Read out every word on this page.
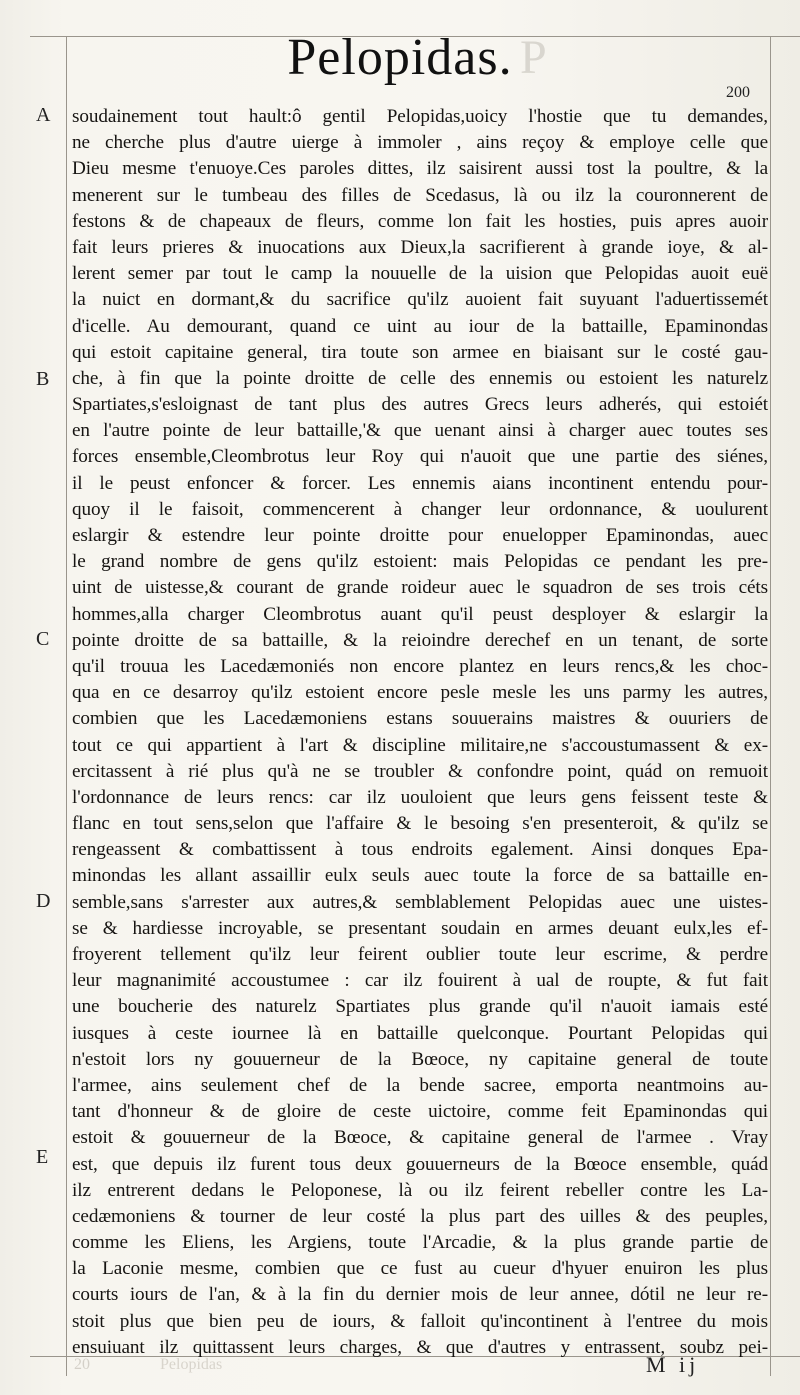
P
Pelopidas.
200
A
B
C
D
E
soudainement tout hault:ô gentil Pelopidas,uoicy l'hostie que tu demandes,
ne cherche plus d'autre uierge à immoler , ains reçoy & employe celle que
Dieu mesme t'enuoye.Ces paroles dittes, ilz saisirent aussi tost la poultre, & la
menerent sur le tumbeau des filles de Scedasus, là ou ilz la couronnerent de
festons & de chapeaux de fleurs, comme lon fait les hosties, puis apres auoir
fait leurs prieres & inuocations aux Dieux,la sacrifierent à grande ioye, & al-
lerent semer par tout le camp la nouuelle de la uision que Pelopidas auoit euë
la nuict en dormant,& du sacrifice qu'ilz auoient fait suyuant l'aduertissemét
d'icelle. Au demourant, quand ce uint au iour de la battaille, Epaminondas
qui estoit capitaine general, tira toute son armee en biaisant sur le costé gau-
che, à fin que la pointe droitte de celle des ennemis ou estoient les naturelz
Spartiates,s'esloignast de tant plus des autres Grecs leurs adherés, qui estoiét
en l'autre pointe de leur battaille,'& que uenant ainsi à charger auec toutes ses
forces ensemble,Cleombrotus leur Roy qui n'auoit que une partie des siénes,
il le peust enfoncer & forcer. Les ennemis aians incontinent entendu pour-
quoy il le faisoit, commencerent à changer leur ordonnance, & uoulurent
eslargir & estendre leur pointe droitte pour enuelopper Epaminondas, auec
le grand nombre de gens qu'ilz estoient: mais Pelopidas ce pendant les pre-
uint de uistesse,& courant de grande roideur auec le squadron de ses trois céts
hommes,alla charger Cleombrotus auant qu'il peust desployer & eslargir la
pointe droitte de sa battaille, & la reioindre derechef en un tenant, de sorte
qu'il trouua les Lacedæmoniés non encore plantez en leurs rencs,& les choc-
qua en ce desarroy qu'ilz estoient encore pesle mesle les uns parmy les autres,
combien que les Lacedæmoniens estans souuerains maistres & ouuriers de
tout ce qui appartient à l'art & discipline militaire,ne s'accoustumassent & ex-
ercitassent à rié plus qu'à ne se troubler & confondre point, quád on remuoit
l'ordonnance de leurs rencs: car ilz uouloient que leurs gens feissent teste &
flanc en tout sens,selon que l'affaire & le besoing s'en presenteroit, & qu'ilz se
rengeassent & combattissent à tous endroits egalement. Ainsi donques Epa-
minondas les allant assaillir eulx seuls auec toute la force de sa battaille en-
semble,sans s'arrester aux autres,& semblablement Pelopidas auec une uistes-
se & hardiesse incroyable, se presentant soudain en armes deuant eulx,les ef-
froyerent tellement qu'ilz leur feirent oublier toute leur escrime, & perdre
leur magnanimité accoustumee : car ilz fouirent à ual de roupte, & fut fait
une boucherie des naturelz Spartiates plus grande qu'il n'auoit iamais esté
iusques à ceste iournee là en battaille quelconque. Pourtant Pelopidas qui
n'estoit lors ny gouuerneur de la Bœoce, ny capitaine general de toute
l'armee, ains seulement chef de la bende sacree, emporta neantmoins au-
tant d'honneur & de gloire de ceste uictoire, comme feit Epaminondas qui
estoit & gouuerneur de la Bœoce, & capitaine general de l'armee . Vray
est, que depuis ilz furent tous deux gouuerneurs de la Bœoce ensemble, quád
ilz entrerent dedans le Peloponese, là ou ilz feirent rebeller contre les La-
cedæmoniens & tourner de leur costé la plus part des uilles & des peuples,
comme les Eliens, les Argiens, toute l'Arcadie, & la plus grande partie de
la Laconie mesme, combien que ce fust au cueur d'hyuer enuiron les plus
courts iours de l'an, & à la fin du dernier mois de leur annee, dótil ne leur re-
stoit plus que bien peu de iours, & falloit qu'incontinent à l'entree du mois
ensuiuant ilz quittassent leurs charges, & que d'autres y entrassent, soubz pei-
20	Pelopidas	M ij
